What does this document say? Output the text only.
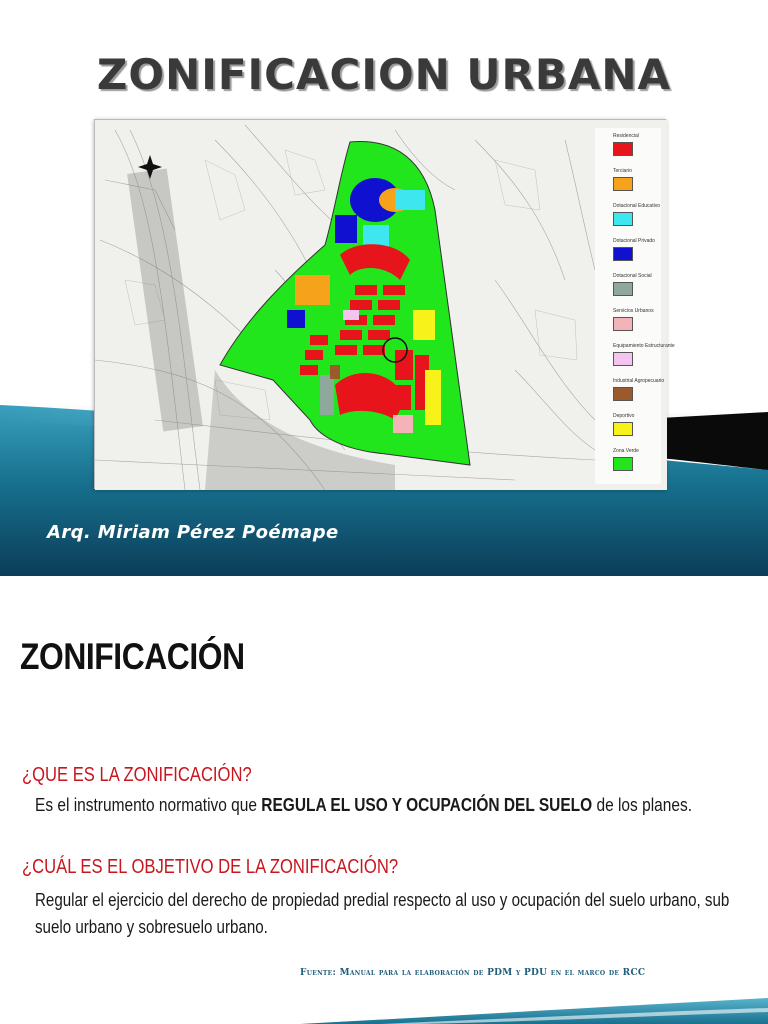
ZONIFICACION URBANA
Residencial
Terciario
Dotacional Educativo
Dotacional Privado
Dotacional Social
Servicios Urbanos
Equipamiento Estructurante
Industrial Agropecuario
Deportivo
Zona Verde
Arq. Miriam Pérez Poémape
ZONIFICACIÓN
¿QUE ES LA ZONIFICACIÓN?
Es el instrumento normativo que REGULA EL USO Y OCUPACIÓN DEL SUELO de los planes.
¿CUÁL ES EL OBJETIVO DE LA ZONIFICACIÓN?
Regular el ejercicio del derecho de propiedad predial respecto al uso y ocupación del suelo urbano, sub suelo urbano y sobresuelo urbano.
Fuente: Manual para la elaboración de PDM y PDU en el marco de RCC
